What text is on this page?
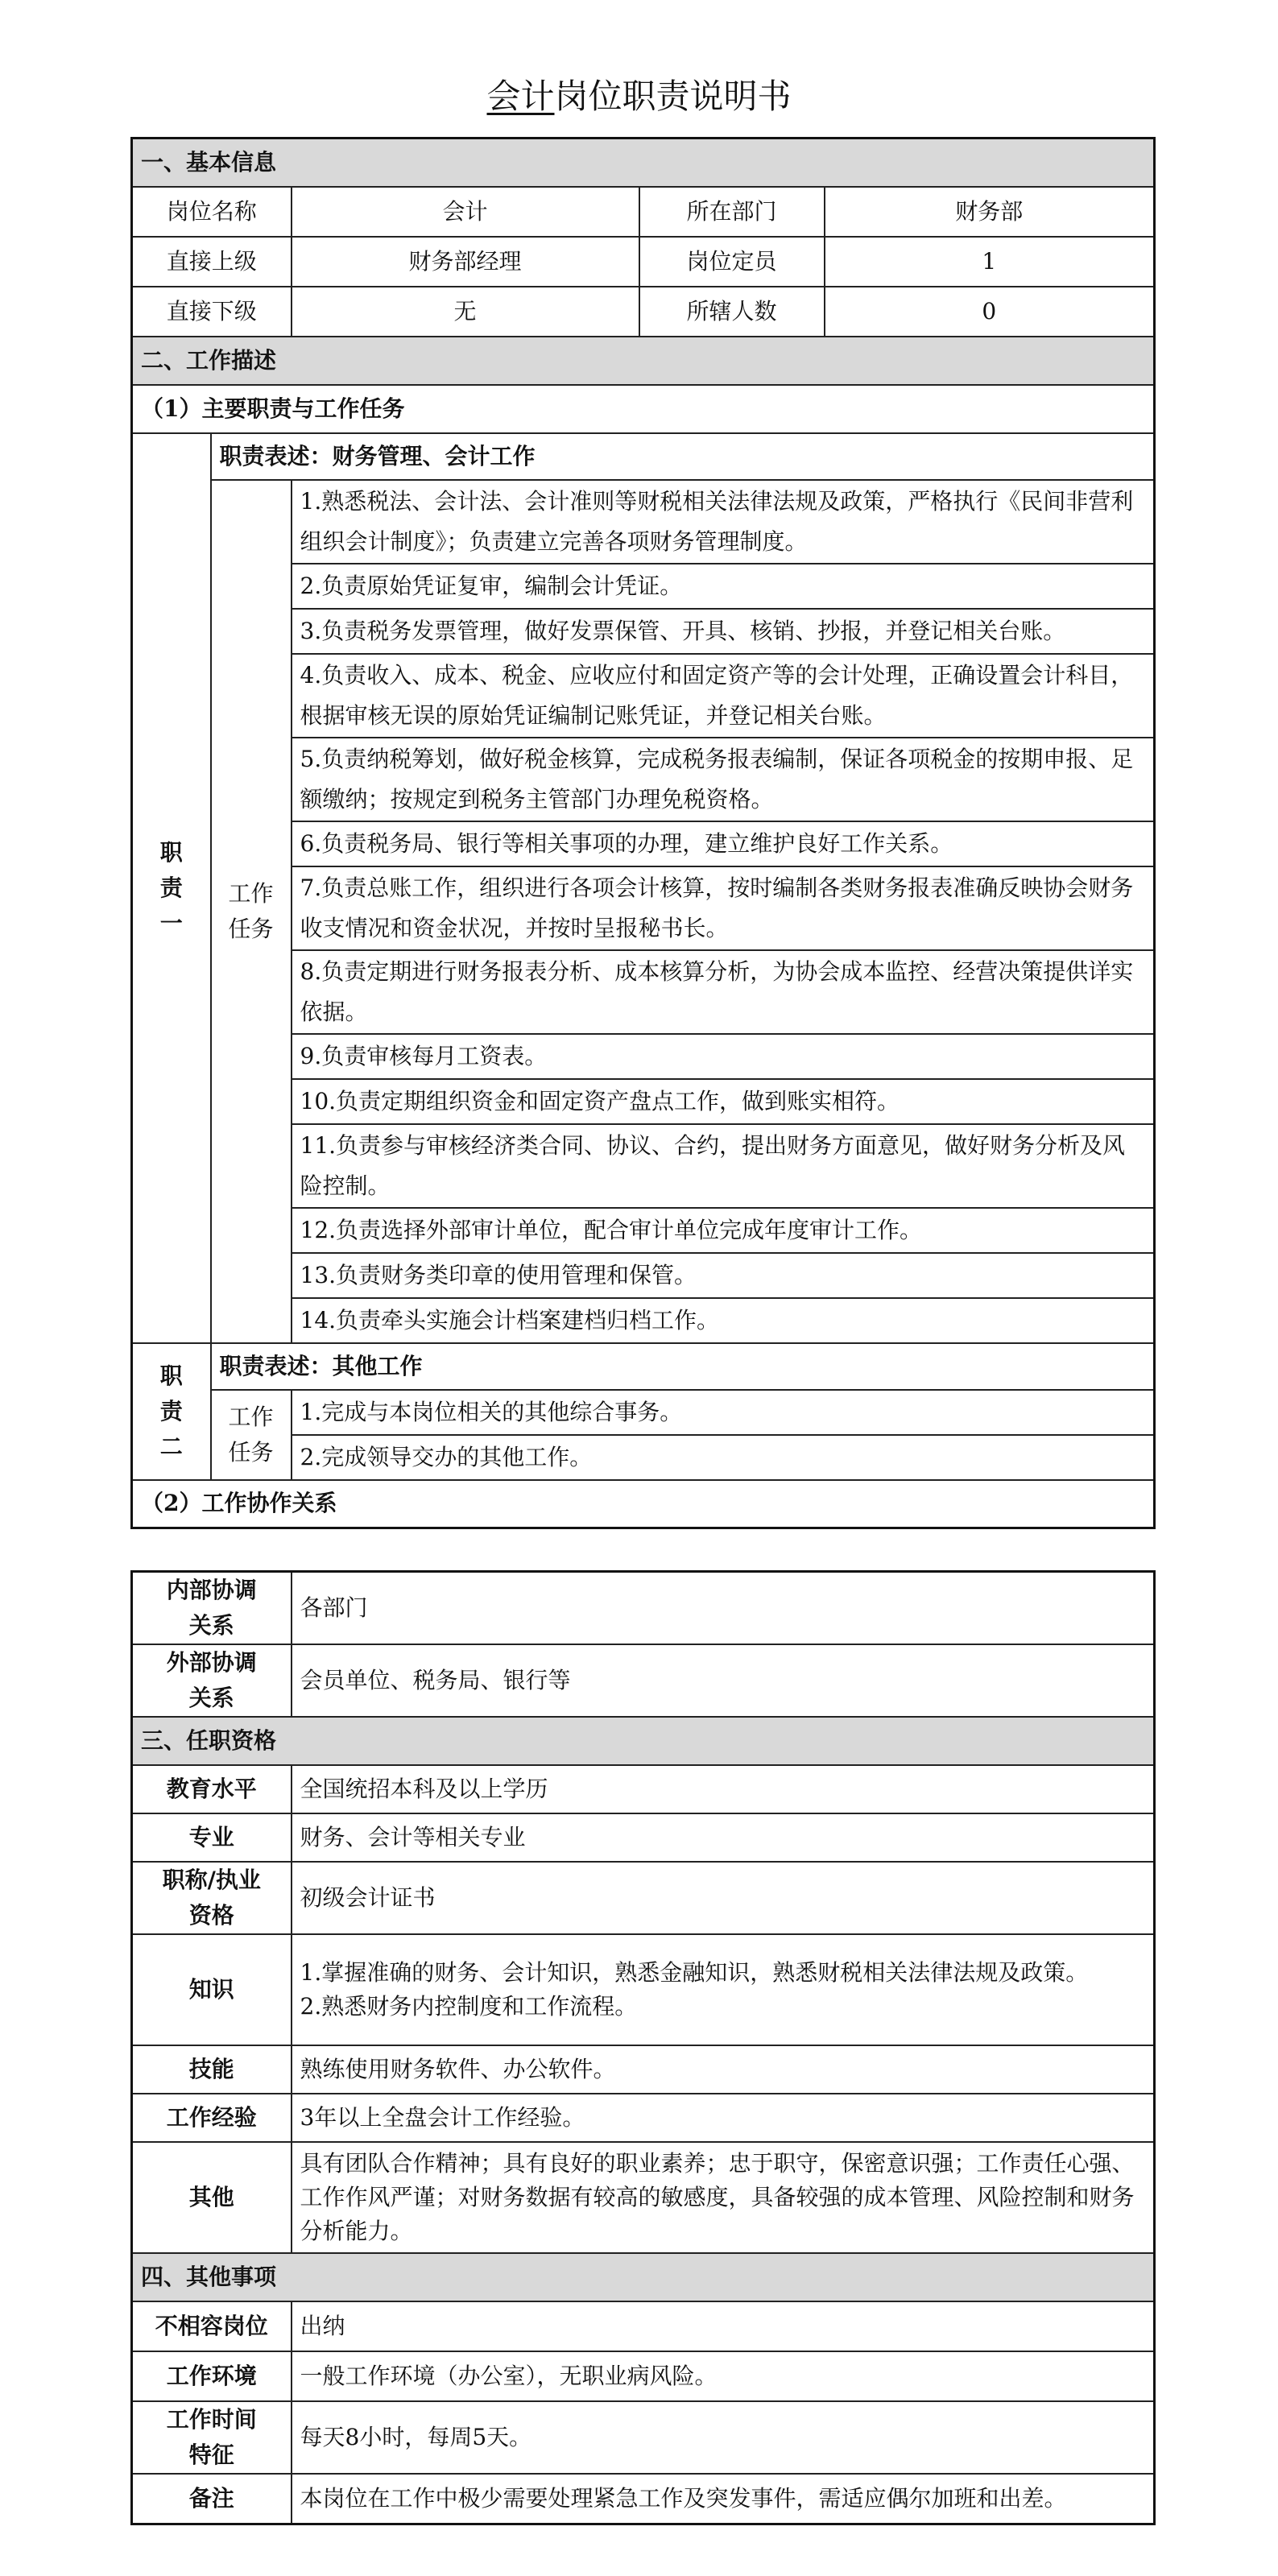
会计岗位职责说明书
一、基本信息				
岗位名称		会计	所在部门	财务部
直接上级		财务部经理	岗位定员	1
直接下级		无	所辖人数	0
二、工作描述				
（1）主要职责与工作任务				
职责一	职责表述：财务管理、会计工作			
	工作任务	1.熟悉税法、会计法、会计准则等财税相关法律法规及政策，严格执行《民间非营利组织会计制度》；负责建立完善各项财务管理制度。		
		2.负责原始凭证复审，编制会计凭证。		
		3.负责税务发票管理，做好发票保管、开具、核销、抄报，并登记相关台账。		
		4.负责收入、成本、税金、应收应付和固定资产等的会计处理，正确设置会计科目，根据审核无误的原始凭证编制记账凭证，并登记相关台账。		
		5.负责纳税筹划，做好税金核算，完成税务报表编制，保证各项税金的按期申报、足额缴纳；按规定到税务主管部门办理免税资格。		
		6.负责税务局、银行等相关事项的办理，建立维护良好工作关系。		
		7.负责总账工作，组织进行各项会计核算，按时编制各类财务报表准确反映协会财务收支情况和资金状况，并按时呈报秘书长。		
		8.负责定期进行财务报表分析、成本核算分析，为协会成本监控、经营决策提供详实依据。		
		9.负责审核每月工资表。		
		10.负责定期组织资金和固定资产盘点工作，做到账实相符。		
		11.负责参与审核经济类合同、协议、合约，提出财务方面意见，做好财务分析及风险控制。		
		12.负责选择外部审计单位，配合审计单位完成年度审计工作。		
		13.负责财务类印章的使用管理和保管。		
		14.负责牵头实施会计档案建档归档工作。		
职责二	职责表述：其他工作			
	工作任务	1.完成与本岗位相关的其他综合事务。		
		2.完成领导交办的其他工作。		
（2）工作协作关系				
内部协调关系	各部门
外部协调关系	会员单位、税务局、银行等
三、任职资格	
教育水平	全国统招本科及以上学历
专业	财务、会计等相关专业
职称/执业资格	初级会计证书
知识	1.掌握准确的财务、会计知识，熟悉金融知识，熟悉财税相关法律法规及政策。
2.熟悉财务内控制度和工作流程。

技能	熟练使用财务软件、办公软件。
工作经验	3年以上全盘会计工作经验。
其他	具有团队合作精神；具有良好的职业素养；忠于职守，保密意识强；工作责任心强、工作作风严谨；对财务数据有较高的敏感度，具备较强的成本管理、风险控制和财务分析能力。
四、其他事项	
不相容岗位	出纳
工作环境	一般工作环境（办公室），无职业病风险。
工作时间特征	每天8小时，每周5天。
备注	本岗位在工作中极少需要处理紧急工作及突发事件，需适应偶尔加班和出差。
